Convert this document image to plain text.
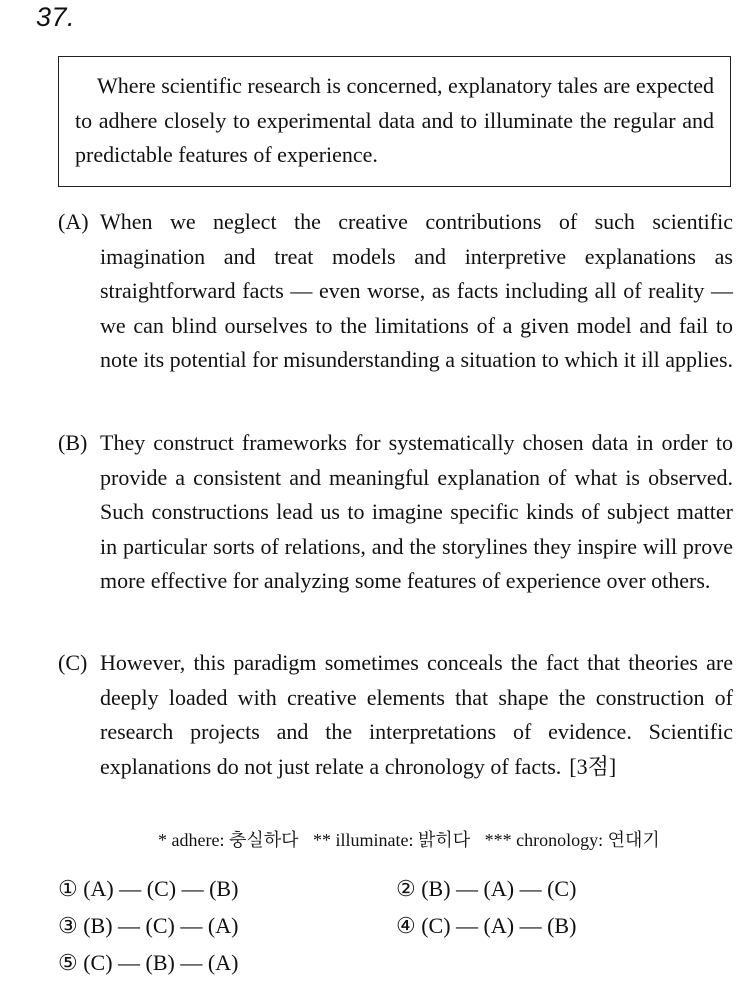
37.

Where scientific research is concerned, explanatory tales are expected to adhere closely to experimental data and to illuminate the regular and predictable features of experience.

(A) When we neglect the creative contributions of such scientific imagination and treat models and interpretive explanations as straightforward facts — even worse, as facts including all of reality — we can blind ourselves to the limitations of a given model and fail to note its potential for misunderstanding a situation to which it ill applies.
(B) They construct frameworks for systematically chosen data in order to provide a consistent and meaningful explanation of what is observed. Such constructions lead us to imagine specific kinds of subject matter in particular sorts of relations, and the storylines they inspire will prove more effective for analyzing some features of experience over others.
(C) However, this paradigm sometimes conceals the fact that theories are deeply loaded with creative elements that shape the construction of research projects and the interpretations of evidence. Scientific explanations do not just relate a chronology of facts. [3점]
* adhere: 충실하다 ** illuminate: 밝히다 *** chronology: 연대기
① (A) — (C) — (B)	② (B) — (A) — (C)
③ (B) — (C) — (A)	④ (C) — (A) — (B)
⑤ (C) — (B) — (A)
